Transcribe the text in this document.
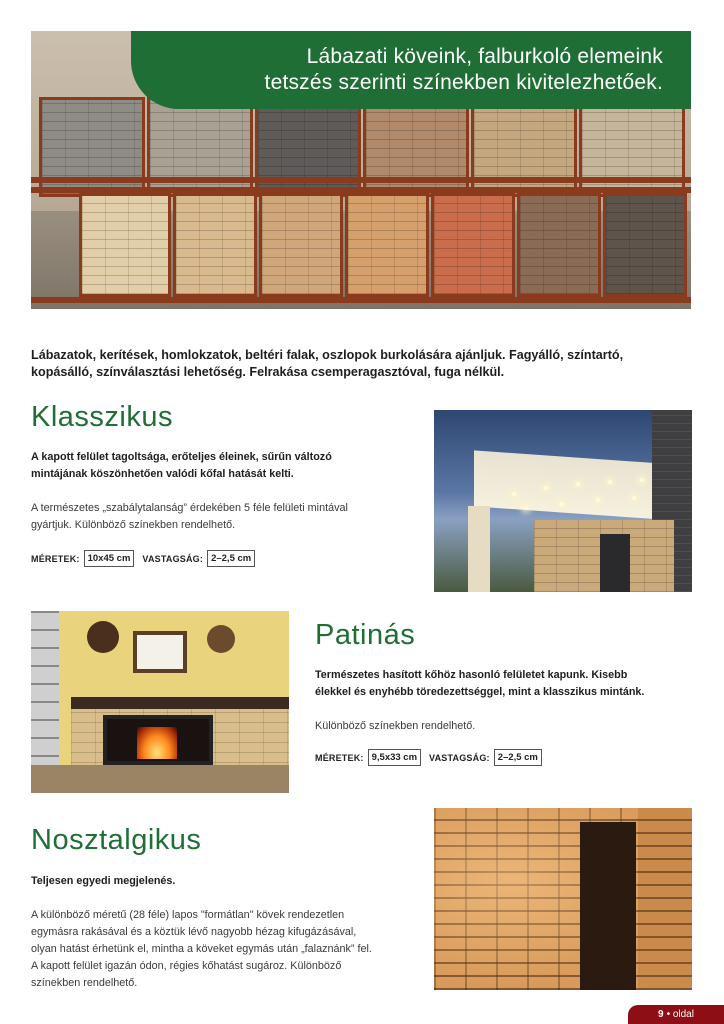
Lábazati köveink, falburkoló elemeink
tetszés szerinti színekben kivitelezhetőek.

Lábazatok, kerítések, homlokzatok, beltéri falak, oszlopok burkolására ajánljuk. Fagyálló, színtartó, kopásálló, színválasztási lehetőség. Felrakása csemperagasztóval, fuga nélkül.

Klasszikus

A kapott felület tagoltsága, erőteljes éleinek, sűrűn változó

mintájának köszönhetően valódi kőfal hatását kelti.

A természetes „szabálytalanság” érdekében 5 féle felületi mintával

gyártjuk. Különböző színekben rendelhető.

MÉRETEK: 10x45 cm	VASTAGSÁG: 2–2,5 cm
Patinás

Természetes hasított kőhöz hasonló felületet kapunk. Kisebb

élekkel és enyhébb töredezettséggel, mint a klasszikus mintánk.

Különböző színekben rendelhető.

MÉRETEK: 9,5x33 cm	VASTAGSÁG: 2–2,5 cm
Nosztalgikus

Teljesen egyedi megjelenés.

A különböző méretű (28 féle) lapos "formátlan" kövek rendezetlen

egymásra rakásával és a köztük lévő nagyobb hézag kifugázásával,

olyan hatást érhetünk el, mintha a köveket egymás után „falaznánk” fel.

A kapott felület igazán ódon, régies kőhatást sugároz. Különböző

színekben rendelhető.

9 • oldal
